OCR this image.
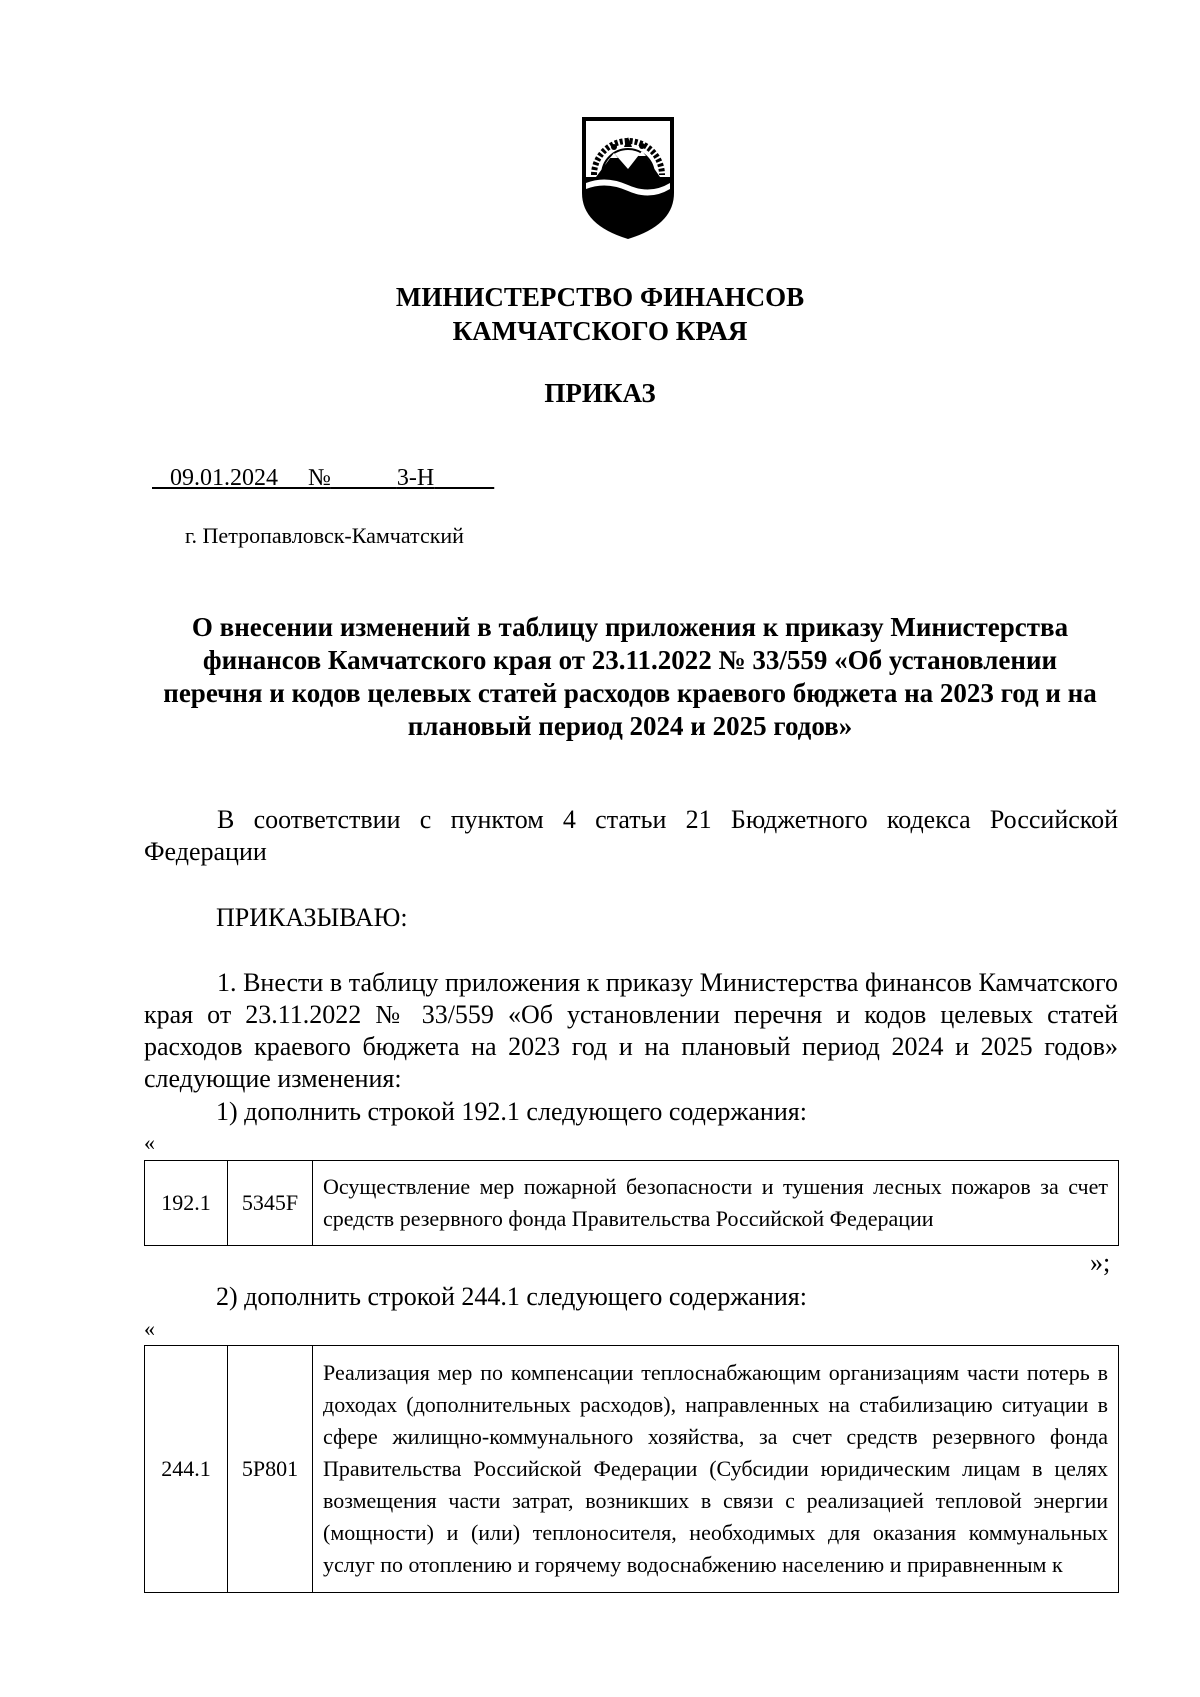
МИНИСТЕРСТВО ФИНАНСОВ
КАМЧАТСКОГО КРАЯ
ПРИКАЗ
09.01.2024 №	3-Н
г. Петропавловск-Камчатский
О внесении изменений в таблицу приложения к приказу Министерства финансов Камчатского края от 23.11.2022 № 33/559 «Об установлении перечня и кодов целевых статей расходов краевого бюджета на 2023 год и на плановый период 2024 и 2025 годов»
В соответствии с пунктом 4 статьи 21 Бюджетного кодекса Российской Федерации
ПРИКАЗЫВАЮ:
1. Внести в таблицу приложения к приказу Министерства финансов Камчатского края от 23.11.2022 № 33/559 «Об установлении перечня и кодов целевых статей расходов краевого бюджета на 2023 год и на плановый период 2024 и 2025 годов» следующие изменения:
1) дополнить строкой 192.1 следующего содержания:
«
192.1	5345F	Осуществление мер пожарной безопасности и тушения лесных пожаров за счет средств резервного фонда Правительства Российской Федерации
»;
2) дополнить строкой 244.1 следующего содержания:
«
244.1	5Р801	Реализация мер по компенсации теплоснабжающим организациям части потерь в доходах (дополнительных расходов), направленных на стабилизацию ситуации в сфере жилищно-коммунального хозяйства, за счет средств резервного фонда Правительства Российской Федерации (Субсидии юридическим лицам в целях возмещения части затрат, возникших в связи с реализацией тепловой энергии (мощности) и (или) теплоносителя, необходимых для оказания коммунальных услуг по отоплению и горячему водоснабжению населению и приравненным к
